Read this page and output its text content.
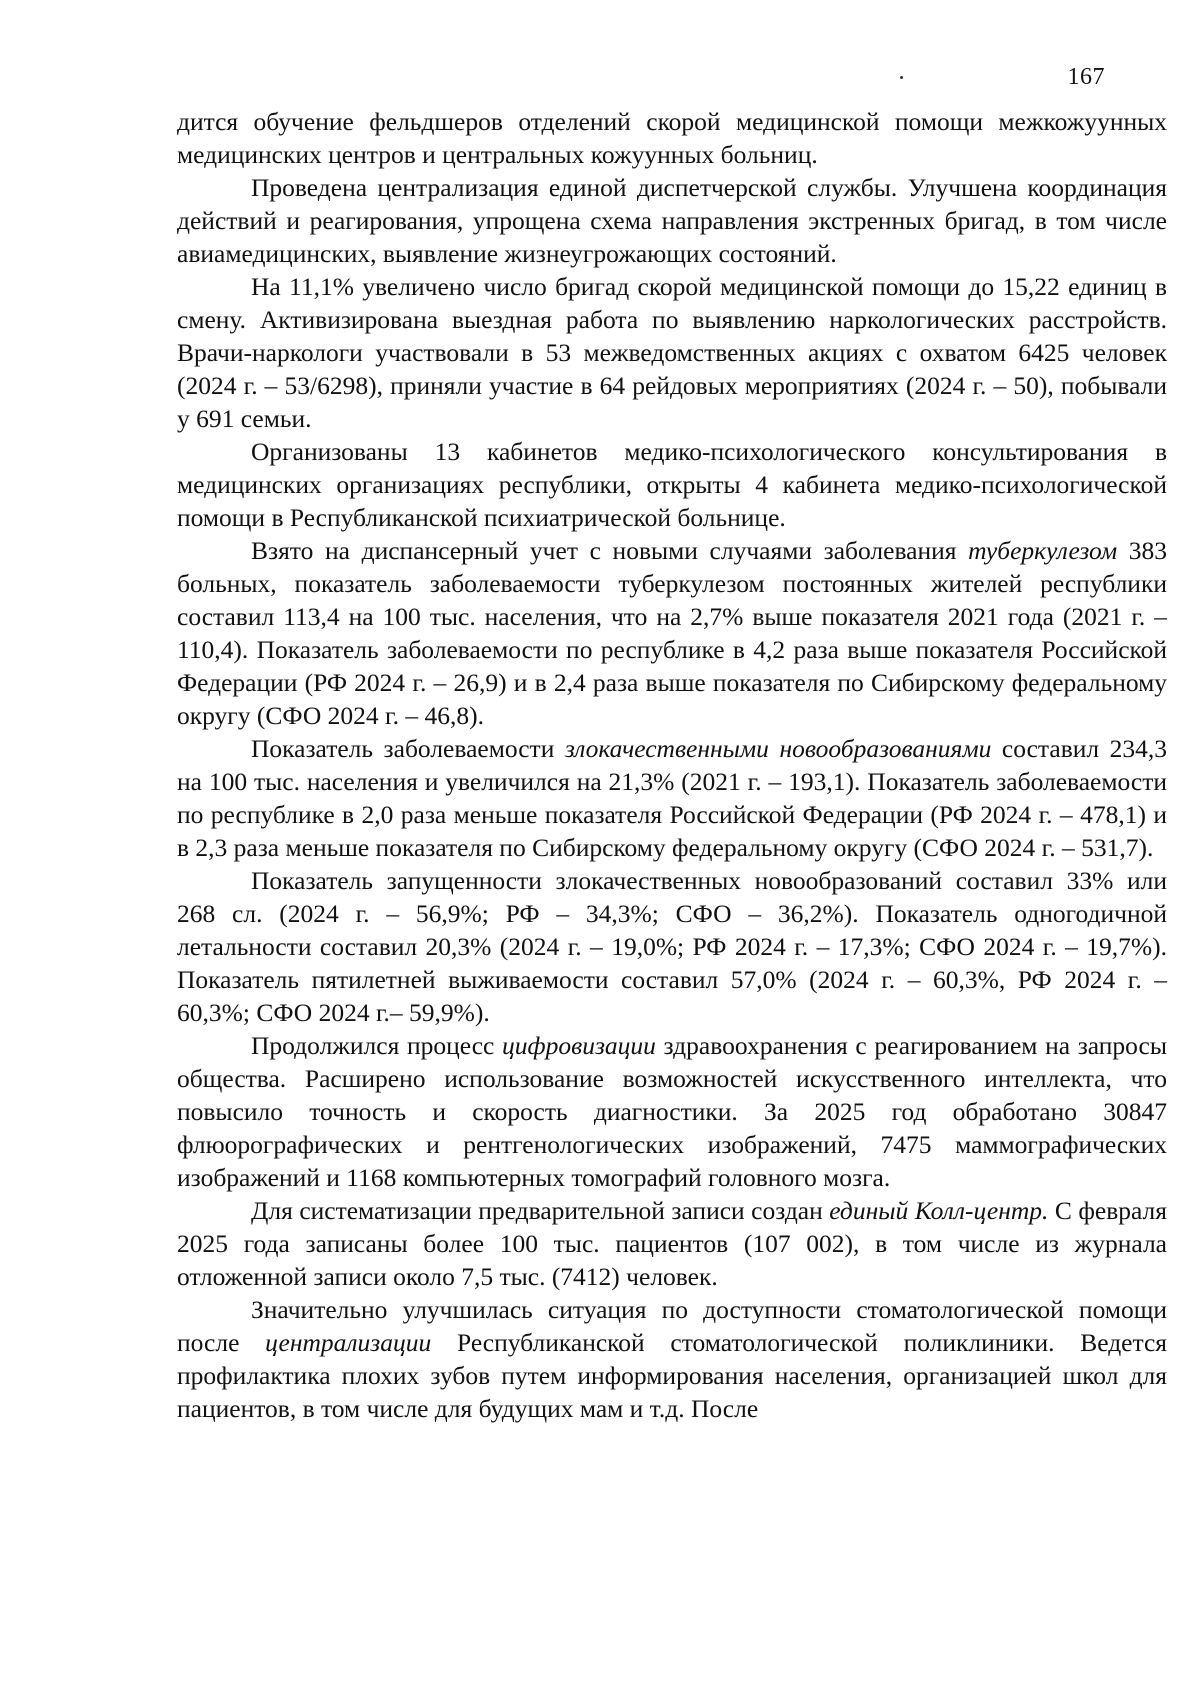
167

дится обучение фельдшеров отделений скорой медицинской помощи межкожуунных медицинских центров и центральных кожуунных больниц.

Проведена централизация единой диспетчерской службы. Улучшена координация действий и реагирования, упрощена схема направления экстренных бригад, в том числе авиамедицинских, выявление жизнеугрожающих состояний.

На 11,1% увеличено число бригад скорой медицинской помощи до 15,22 единиц в смену. Активизирована выездная работа по выявлению наркологических расстройств. Врачи-наркологи участвовали в 53 межведомственных акциях с охватом 6425 человек (2024 г. – 53/6298), приняли участие в 64 рейдовых мероприятиях (2024 г. – 50), побывали у 691 семьи.

Организованы 13 кабинетов медико-психологического консультирования в медицинских организациях республики, открыты 4 кабинета медико-психологической помощи в Республиканской психиатрической больнице.

Взято на диспансерный учет с новыми случаями заболевания туберкулезом 383 больных, показатель заболеваемости туберкулезом постоянных жителей республики составил 113,4 на 100 тыс. населения, что на 2,7% выше показателя 2021 года (2021 г. – 110,4). Показатель заболеваемости по республике в 4,2 раза выше показателя Российской Федерации (РФ 2024 г. – 26,9) и в 2,4 раза выше показателя по Сибирскому федеральному округу (СФО 2024 г. – 46,8).

Показатель заболеваемости злокачественными новообразованиями составил 234,3 на 100 тыс. населения и увеличился на 21,3% (2021 г. – 193,1). Показатель заболеваемости по республике в 2,0 раза меньше показателя Российской Федерации (РФ 2024 г. – 478,1) и в 2,3 раза меньше показателя по Сибирскому федеральному округу (СФО 2024 г. – 531,7).

Показатель запущенности злокачественных новообразований составил 33% или 268 сл. (2024 г. – 56,9%; РФ – 34,3%; СФО – 36,2%). Показатель одногодичной летальности составил 20,3% (2024 г. – 19,0%; РФ 2024 г. – 17,3%; СФО 2024 г. – 19,7%). Показатель пятилетней выживаемости составил 57,0% (2024 г. – 60,3%, РФ 2024 г. – 60,3%; СФО 2024 г.– 59,9%).

Продолжился процесс цифровизации здравоохранения с реагированием на запросы общества. Расширено использование возможностей искусственного интеллекта, что повысило точность и скорость диагностики. За 2025 год обработано 30847 флюорографических и рентгенологических изображений, 7475 маммографических изображений и 1168 компьютерных томографий головного мозга.

Для систематизации предварительной записи создан единый Колл-центр. С февраля 2025 года записаны более 100 тыс. пациентов (107 002), в том числе из журнала отложенной записи около 7,5 тыс. (7412) человек.

Значительно улучшилась ситуация по доступности стоматологической помощи после централизации Республиканской стоматологической поликлиники. Ведется профилактика плохих зубов путем информирования населения, организацией школ для пациентов, в том числе для будущих мам и т.д. После
